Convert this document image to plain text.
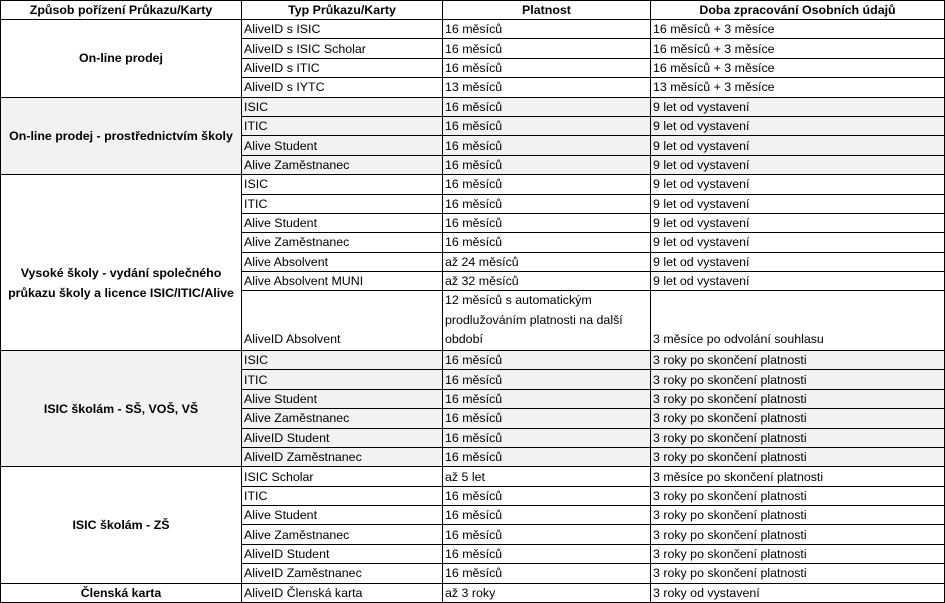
Způsob pořízení Průkazu/Karty	Typ Průkazu/Karty	Platnost	Doba zpracování Osobních údajů
On-line prodej	AliveID s ISIC	16 měsíců	16 měsíců + 3 měsíce
	AliveID s ISIC Scholar	16 měsíců	16 měsíců + 3 měsíce
	AliveID s ITIC	16 měsíců	16 měsíců + 3 měsíce
	AliveID s IYTC	13 měsíců	13 měsíců + 3 měsíce
On-line prodej - prostřednictvím školy	ISIC	16 měsíců	9 let od vystavení
	ITIC	16 měsíců	9 let od vystavení
	Alive Student	16 měsíců	9 let od vystavení
	Alive Zaměstnanec	16 měsíců	9 let od vystavení
Vysoké školy - vydání společného průkazu školy a licence ISIC/ITIC/Alive	ISIC	16 měsíců	9 let od vystavení
	ITIC	16 měsíců	9 let od vystavení
	Alive Student	16 měsíců	9 let od vystavení
	Alive Zaměstnanec	16 měsíců	9 let od vystavení
	Alive Absolvent	až 24 měsíců	9 let od vystavení
	Alive Absolvent MUNI	až 32 měsíců	9 let od vystavení
	AliveID Absolvent	12 měsíců s automatickým prodlužováním platnosti na další období	3 měsíce po odvolání souhlasu
ISIC školám - SŠ, VOŠ, VŠ	ISIC	16 měsíců	3 roky po skončení platnosti
	ITIC	16 měsíců	3 roky po skončení platnosti
	Alive Student	16 měsíců	3 roky po skončení platnosti
	Alive Zaměstnanec	16 měsíců	3 roky po skončení platnosti
	AliveID Student	16 měsíců	3 roky po skončení platnosti
	AliveID Zaměstnanec	16 měsíců	3 roky po skončení platnosti
ISIC školám - ZŠ	ISIC Scholar	až 5 let	3 měsíce po skončení platnosti
	ITIC	16 měsíců	3 roky po skončení platnosti
	Alive Student	16 měsíců	3 roky po skončení platnosti
	Alive Zaměstnanec	16 měsíců	3 roky po skončení platnosti
	AliveID Student	16 měsíců	3 roky po skončení platnosti
	AliveID Zaměstnanec	16 měsíců	3 roky po skončení platnosti
Členská karta	AliveID Členská karta	až 3 roky	3 roky od vystavení
